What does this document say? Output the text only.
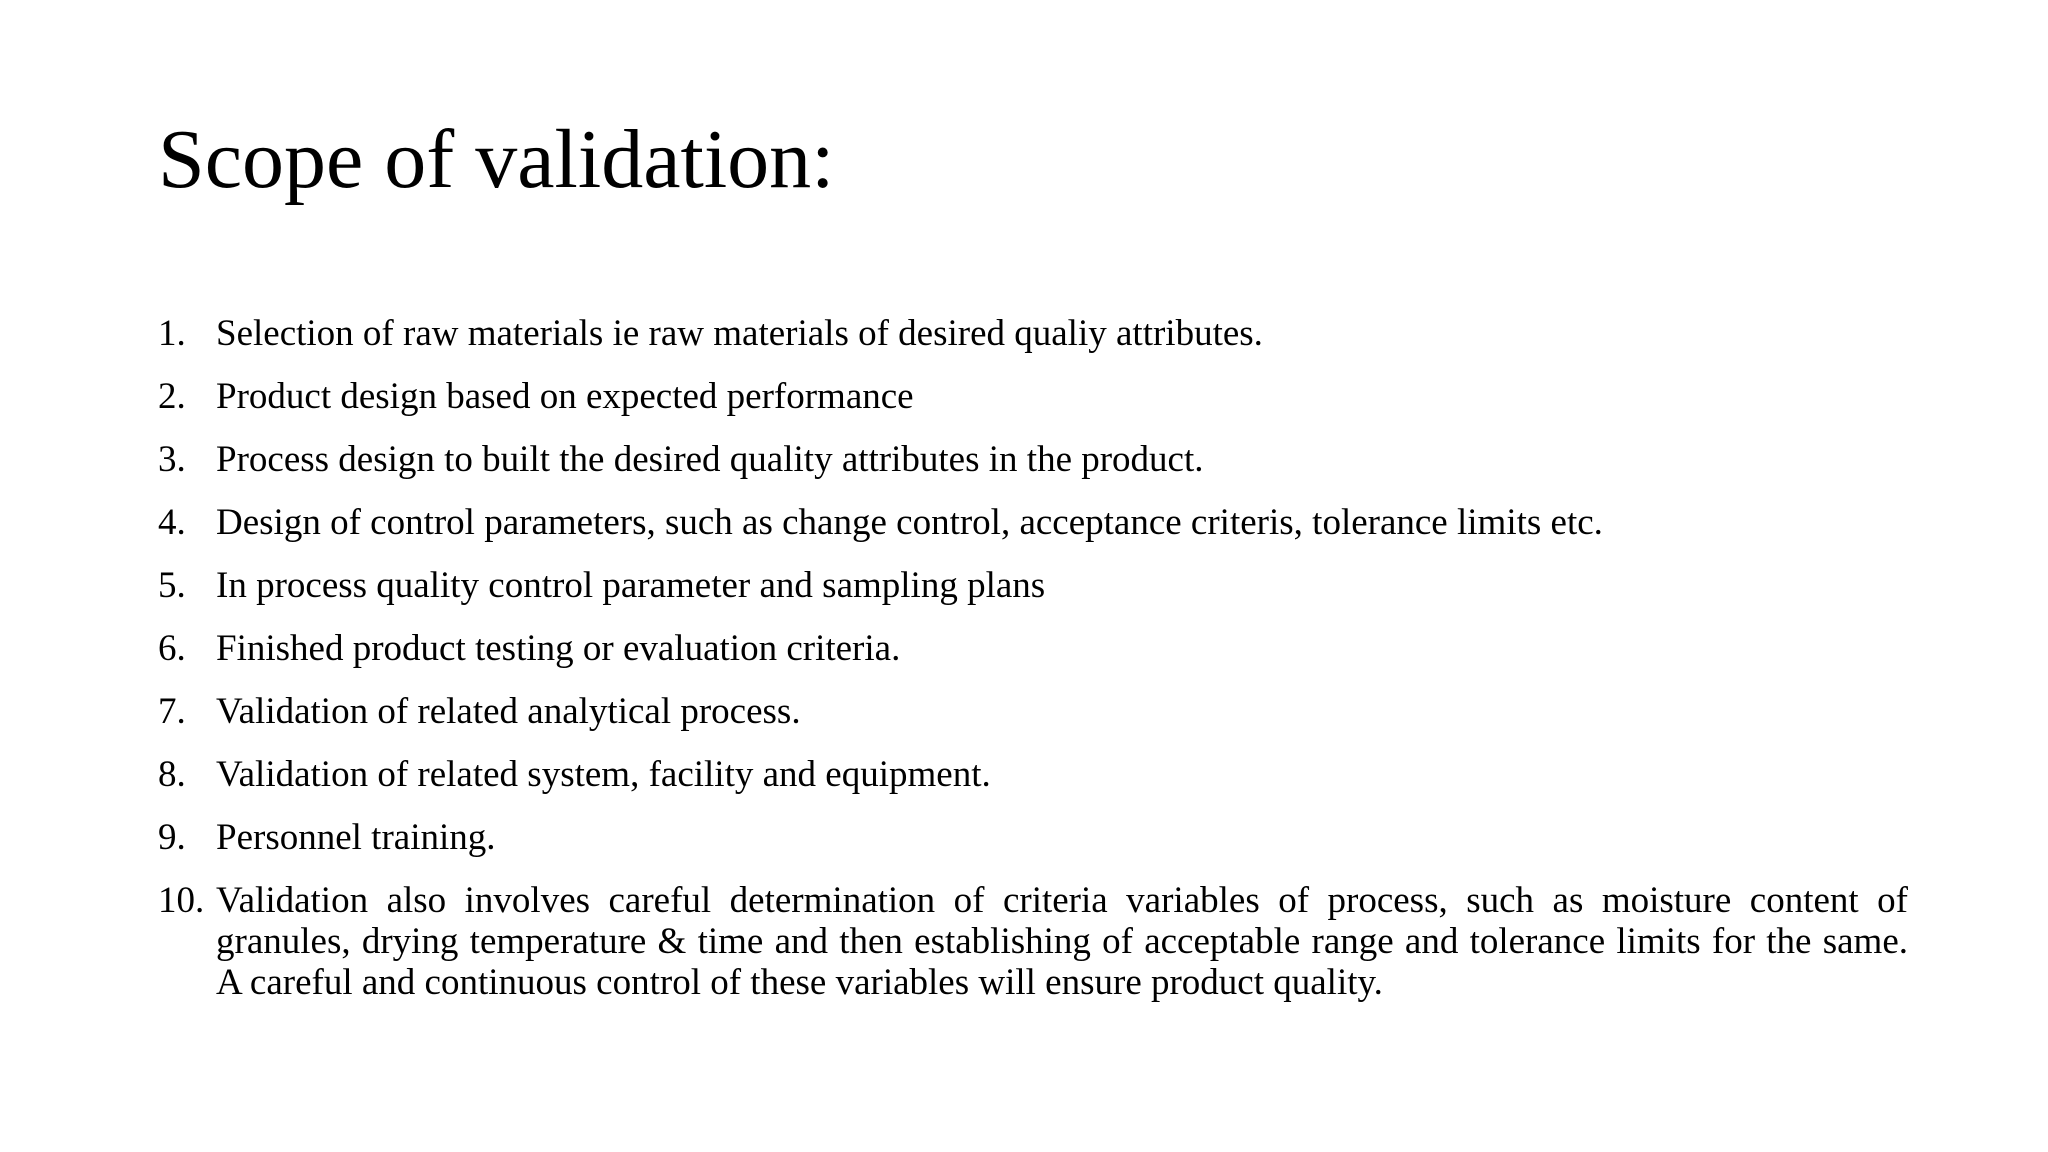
Scope of validation:
1. Selection of raw materials ie raw materials of desired qualiy attributes.
2. Product design based on expected performance
3. Process design to built the desired quality attributes in the product.
4. Design of control parameters, such as change control, acceptance criteris, tolerance limits etc.
5. In process quality control parameter and sampling plans
6. Finished product testing or evaluation criteria.
7. Validation of related analytical process.
8. Validation of related system, facility and equipment.
9. Personnel training.
10. Validation also involves careful determination of criteria variables of process, such as moisture content of granules, drying temperature & time and then establishing of acceptable range and tolerance limits for the same. A careful and continuous control of these variables will ensure product quality.
